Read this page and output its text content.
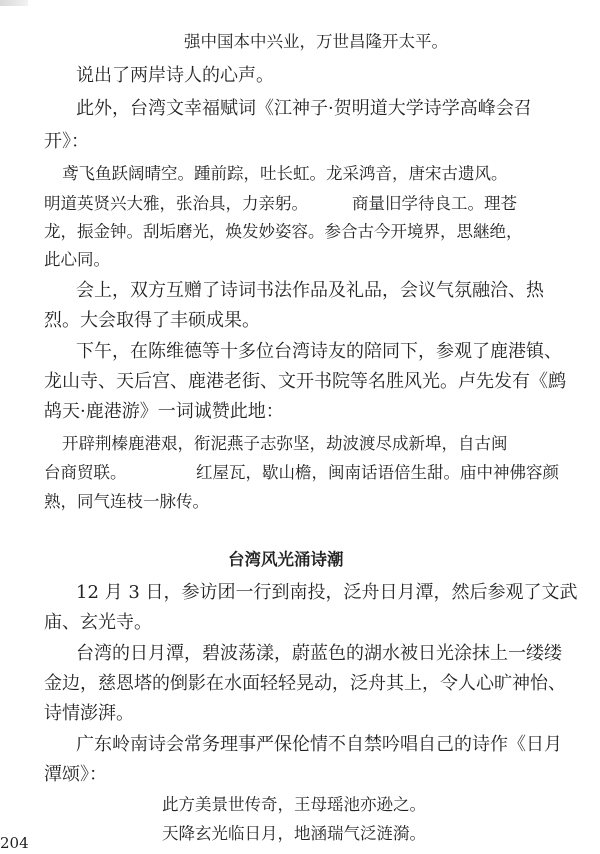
强中国本中兴业，万世昌隆开太平。
说出了两岸诗人的心声。
此外，台湾文幸福赋词《江神子·贺明道大学诗学高峰会召
开》：
鸢飞鱼跃阔晴空。踵前踪，吐长虹。龙采鸿音，唐宋古遗风。
明道英贤兴大雅，张治具，力亲躬。	商量旧学待良工。理苍
龙，振金钟。刮垢磨光，焕发妙姿容。参合古今开境界，思継绝，
此心同。
会上，双方互赠了诗词书法作品及礼品，会议气氛融洽、热
烈。大会取得了丰硕成果。
下午，在陈维德等十多位台湾诗友的陪同下，参观了鹿港镇、
龙山寺、天后宫、鹿港老街、文开书院等名胜风光。卢先发有《鹧
鸪天·鹿港游》一词诚赞此地：
开辟荆榛鹿港艰，衔泥燕子志弥坚，劫波渡尽成新埠，自古闽
台商贸联。	红屋瓦，歇山檐，闽南话语倍生甜。庙中神佛容颜
熟，同气连枝一脉传。
台湾风光涌诗潮
12 月 3 日，参访团一行到南投，泛舟日月潭，然后参观了文武
庙、玄光寺。
台湾的日月潭，碧波荡漾，蔚蓝色的湖水被日光涂抹上一缕缕
金边，慈恩塔的倒影在水面轻轻晃动，泛舟其上，令人心旷神怡、
诗情澎湃。
广东岭南诗会常务理事严保伦情不自禁吟唱自己的诗作《日月
潭颂》：
此方美景世传奇，王母瑶池亦逊之。
天降玄光临日月，地涵瑞气泛涟漪。
204
